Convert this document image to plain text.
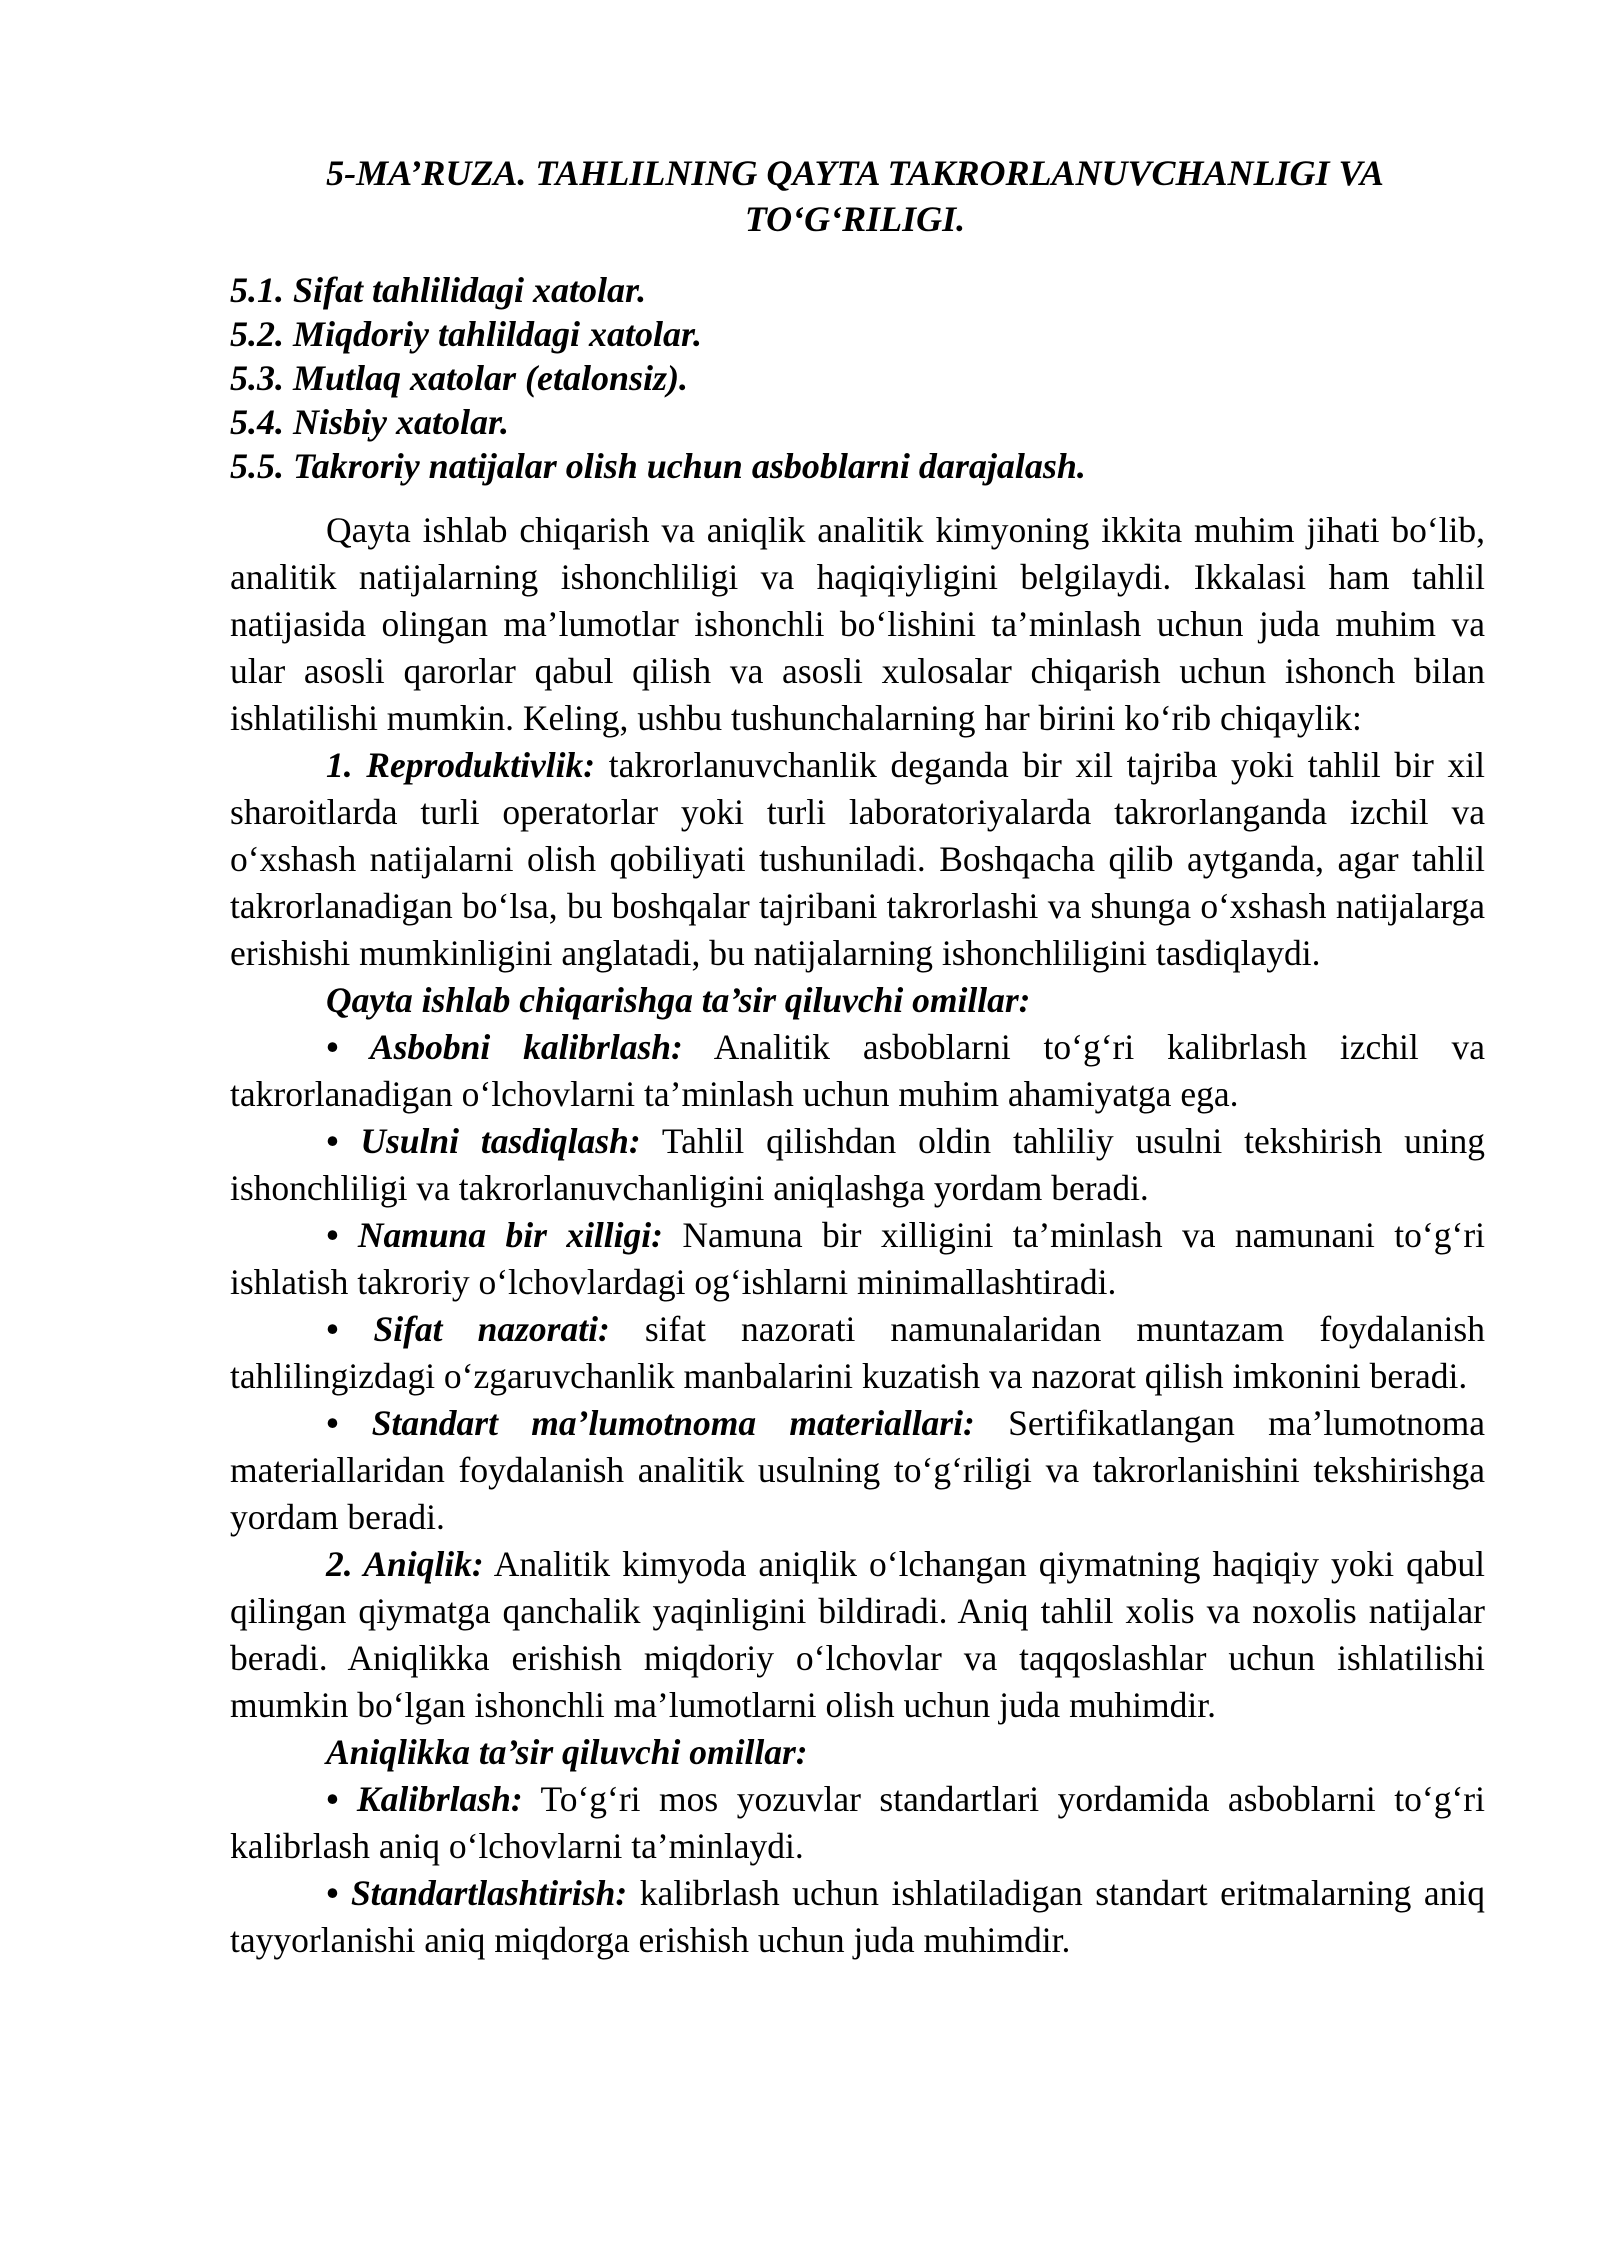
5-MA’RUZA. TAHLILNING QAYTA TAKRORLANUVCHANLIGI VA
TO‘G‘RILIGI.
5.1. Sifat tahlilidagi xatolar.
5.2. Miqdoriy tahlildagi xatolar.
5.3. Mutlaq xatolar (etalonsiz).
5.4. Nisbiy xatolar.
5.5. Takroriy natijalar olish uchun asboblarni darajalash.

Qayta ishlab chiqarish va aniqlik analitik kimyoning ikkita muhim jihati bo‘lib, analitik natijalarning ishonchliligi va haqiqiyligini belgilaydi. Ikkalasi ham tahlil natijasida olingan ma’lumotlar ishonchli bo‘lishini ta’minlash uchun juda muhim va ular asosli qarorlar qabul qilish va asosli xulosalar chiqarish uchun ishonch bilan ishlatilishi mumkin. Keling, ushbu tushunchalarning har birini ko‘rib chiqaylik:

1. Reproduktivlik: takrorlanuvchanlik deganda bir xil tajriba yoki tahlil bir xil sharoitlarda turli operatorlar yoki turli laboratoriyalarda takrorlanganda izchil va o‘xshash natijalarni olish qobiliyati tushuniladi. Boshqacha qilib aytganda, agar tahlil takrorlanadigan bo‘lsa, bu boshqalar tajribani takrorlashi va shunga o‘xshash natijalarga erishishi mumkinligini anglatadi, bu natijalarning ishonchliligini tasdiqlaydi.

Qayta ishlab chiqarishga ta’sir qiluvchi omillar:

• Asbobni kalibrlash: Analitik asboblarni to‘g‘ri kalibrlash izchil va takrorlanadigan o‘lchovlarni ta’minlash uchun muhim ahamiyatga ega.

• Usulni tasdiqlash: Tahlil qilishdan oldin tahliliy usulni tekshirish uning ishonchliligi va takrorlanuvchanligini aniqlashga yordam beradi.

• Namuna bir xilligi: Namuna bir xilligini ta’minlash va namunani to‘g‘ri ishlatish takroriy o‘lchovlardagi og‘ishlarni minimallashtiradi.

• Sifat nazorati: sifat nazorati namunalaridan muntazam foydalanish tahlilingizdagi o‘zgaruvchanlik manbalarini kuzatish va nazorat qilish imkonini beradi.

• Standart ma’lumotnoma materiallari: Sertifikatlangan ma’lumotnoma materiallaridan foydalanish analitik usulning to‘g‘riligi va takrorlanishini tekshirishga yordam beradi.

2. Aniqlik: Analitik kimyoda aniqlik o‘lchangan qiymatning haqiqiy yoki qabul qilingan qiymatga qanchalik yaqinligini bildiradi. Aniq tahlil xolis va noxolis natijalar beradi. Aniqlikka erishish miqdoriy o‘lchovlar va taqqoslashlar uchun ishlatilishi mumkin bo‘lgan ishonchli ma’lumotlarni olish uchun juda muhimdir.

Aniqlikka ta’sir qiluvchi omillar:

• Kalibrlash: To‘g‘ri mos yozuvlar standartlari yordamida asboblarni to‘g‘ri kalibrlash aniq o‘lchovlarni ta’minlaydi.

• Standartlashtirish: kalibrlash uchun ishlatiladigan standart eritmalarning aniq tayyorlanishi aniq miqdorga erishish uchun juda muhimdir.
